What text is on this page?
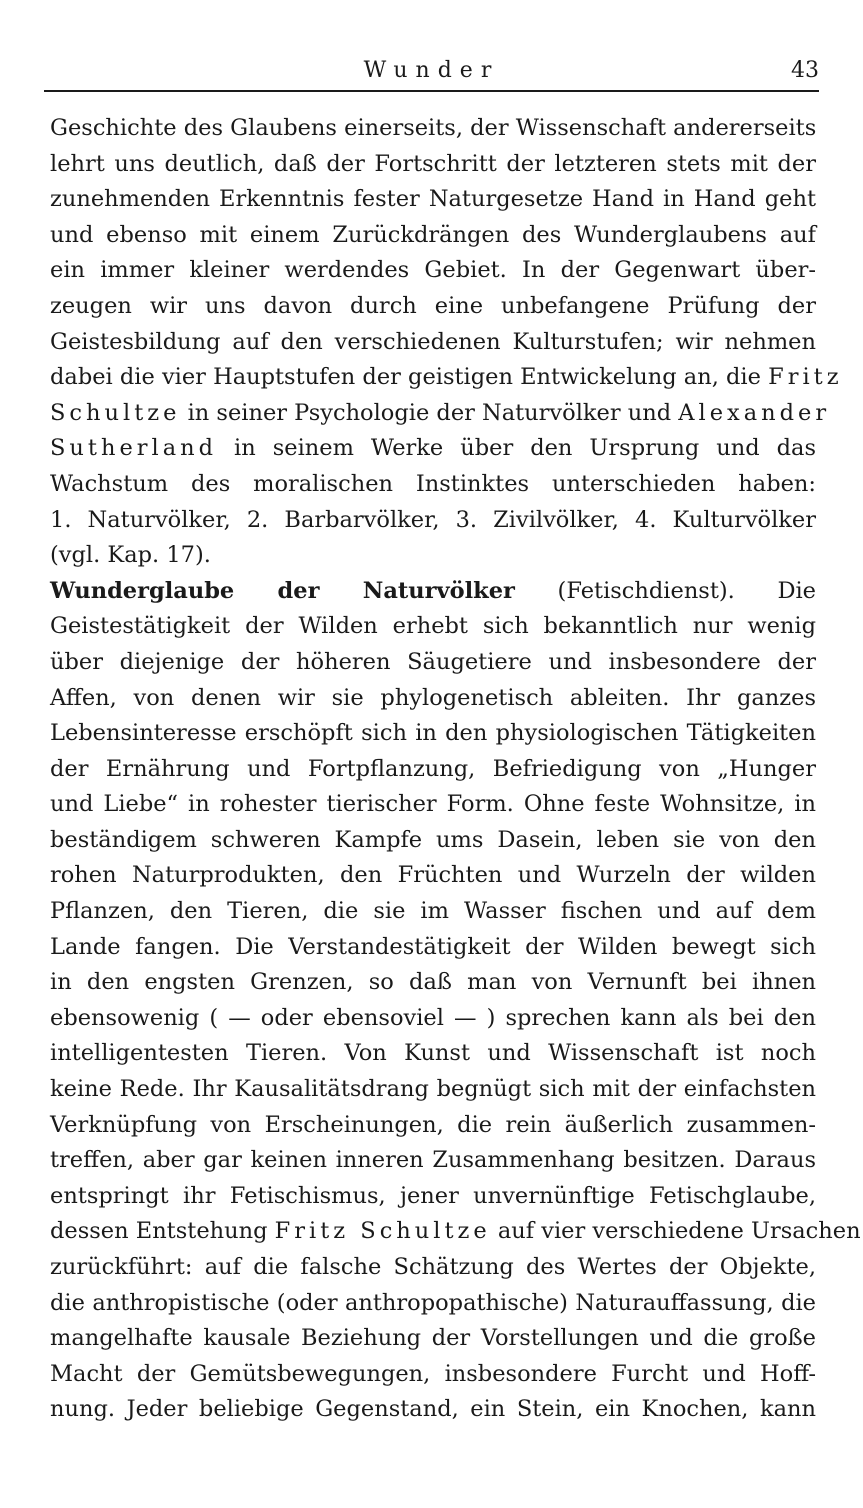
Wunder	43
Geschichte des Glaubens einerseits, der Wissenschaft andererseits
lehrt uns deutlich, daß der Fortschritt der letzteren stets mit der
zunehmenden Erkenntnis fester Naturgesetze Hand in Hand geht
und ebenso mit einem Zurückdrängen des Wunderglaubens auf
ein immer kleiner werdendes Gebiet. In der Gegenwart über-
zeugen wir uns davon durch eine unbefangene Prüfung der
Geistesbildung auf den verschiedenen Kulturstufen; wir nehmen
dabei die vier Hauptstufen der geistigen Entwickelung an, die Fritz
Schultze in seiner Psychologie der Naturvölker und Alexander
Sutherland in seinem Werke über den Ursprung und das
Wachstum des moralischen Instinktes unterschieden haben:
1. Naturvölker, 2. Barbarvölker, 3. Zivilvölker, 4. Kulturvölker
(vgl. Kap. 17).
Wunderglaube der Naturvölker (Fetischdienst). Die
Geistestätigkeit der Wilden erhebt sich bekanntlich nur wenig
über diejenige der höheren Säugetiere und insbesondere der
Affen, von denen wir sie phylogenetisch ableiten. Ihr ganzes
Lebensinteresse erschöpft sich in den physiologischen Tätigkeiten
der Ernährung und Fortpflanzung, Befriedigung von „Hunger
und Liebe“ in rohester tierischer Form. Ohne feste Wohnsitze, in
beständigem schweren Kampfe ums Dasein, leben sie von den
rohen Naturprodukten, den Früchten und Wurzeln der wilden
Pflanzen, den Tieren, die sie im Wasser fischen und auf dem
Lande fangen. Die Verstandestätigkeit der Wilden bewegt sich
in den engsten Grenzen, so daß man von Vernunft bei ihnen
ebensowenig ( — oder ebensoviel — ) sprechen kann als bei den
intelligentesten Tieren. Von Kunst und Wissenschaft ist noch
keine Rede. Ihr Kausalitätsdrang begnügt sich mit der einfachsten
Verknüpfung von Erscheinungen, die rein äußerlich zusammen-
treffen, aber gar keinen inneren Zusammenhang besitzen. Daraus
entspringt ihr Fetischismus, jener unvernünftige Fetischglaube,
dessen Entstehung Fritz Schultze auf vier verschiedene Ursachen
zurückführt: auf die falsche Schätzung des Wertes der Objekte,
die anthropistische (oder anthropopathische) Naturauffassung, die
mangelhafte kausale Beziehung der Vorstellungen und die große
Macht der Gemütsbewegungen, insbesondere Furcht und Hoff-
nung. Jeder beliebige Gegenstand, ein Stein, ein Knochen, kann
